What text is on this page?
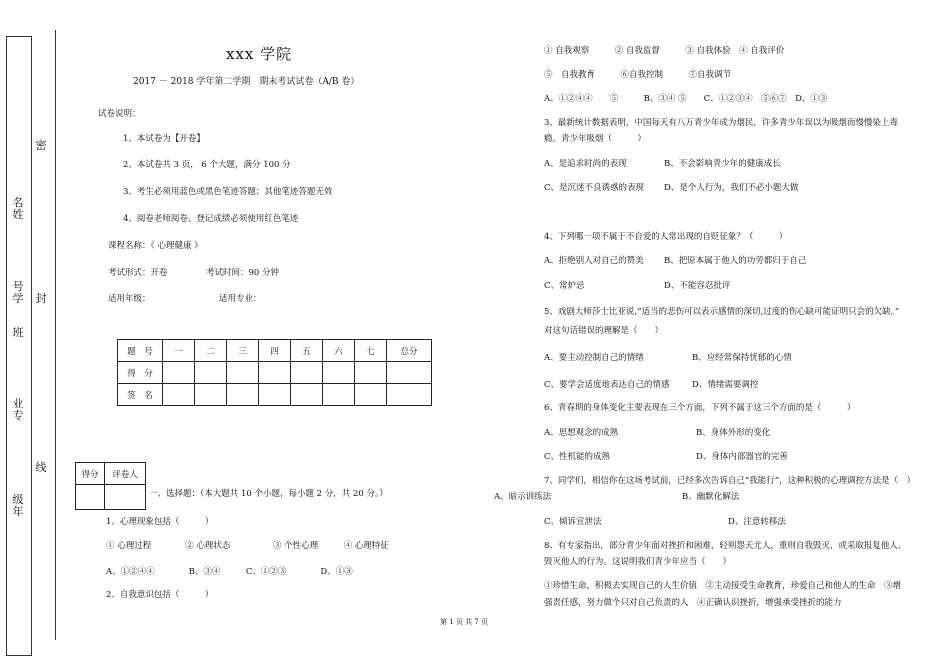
密
封
线
名
姓
号
学
班
业
专
级
年
xxx 学院
2017 － 2018 学年第二学期　期末考试试卷（A/B 卷）
试卷说明：
1、本试卷为【开卷】
2、本试卷共 3 页， 6 个大题，满分 100 分
3、考生必须用蓝色或黑色笔迹答题；其他笔迹答题无效
4、阅卷老师阅卷、登记成绩必须使用红色笔迹
课程名称：《 心理健康 》
考试形式：开卷	考试时间：90 分钟
适用年级：	适用专业：
题　号	一	二	三	四	五	六	七	总分
得　分								
签　名								
得分	评卷人

一、选择题：（本大题共 10 个小题，每小题 2 分，共 20 分。）
1、心理现象包括（　　　）
① 心理过程　　　　② 心理状态　　　　　③ 个性心理　　　④ 心理特征
A、①②④④　　　　B、③④　　　C、①②③　　　　D、①③
2、自我意识包括（　　　）
① 自我观察　　　② 自我监督　　　③ 自我体验　④ 自我评价
⑤　自我教育　　　⑥自我控制　　　⑦自我调节
A、①②④④　　⑤　　　B、③④ ⑤　　C、①②③④　⑤⑥⑦　D、①③
3、最新统计数据表明，中国每天有八万青少年成为烟民，许多青少年误以为吸烟而慢慢染上毒
瘾。青少年吸烟（　　　）
A、是追求时尚的表现	B、不会影响青少年的健康成长
C、是沉迷不良诱惑的表现 D、是个人行为，我们不必小题大做
4、下列哪一项不属于不自爱的人常出现的自贬征象？（　　　）
A、拒绝别人对自己的赞美 B、把原本属于他人的功劳都归于自己
C、常炉忌	D、不能容忍批评
5、戏剧大师莎士比亚说,“适当的悲伤可以表示感情的深切,过度的伤心缺可能证明只会的欠缺。”
对这句话错误的理解是（　　）
A、要主动控制自己的情绪	B、应经常保持忧郁的心情
C、要学会适度地表达自己的情感	D、情绪需要调控
6、青春期的身体变化主要表现在三个方面，下列不属于这三个方面的是（　　　）
A、思想观念的成熟	B、身体外形的变化
C、性机能的成熟	D、身体内部器官的完善
7、同学们，相信你在这场考试前，已经多次告诉自己“我能行”，这种积极的心理调控方法是（　）
A、暗示训练法	B、幽默化解法
C、倾诉宣泄法	D、注意转移法
8、有专家指出，部分青少年面对挫折和困难，轻则怨天尤人，重则自我毁灭，或采取报复他人、
毁灭他人的行为。这说明我们青少年应当（　　）
①珍惜生命，积极去实现自己的人生价值　②主动接受生命教育，珍爱自己和他人的生命　③增
强责任感，努力做个只对自己负责的人　④正确认识挫折，增强承受挫折的能力
第 1 页 共 7 页
